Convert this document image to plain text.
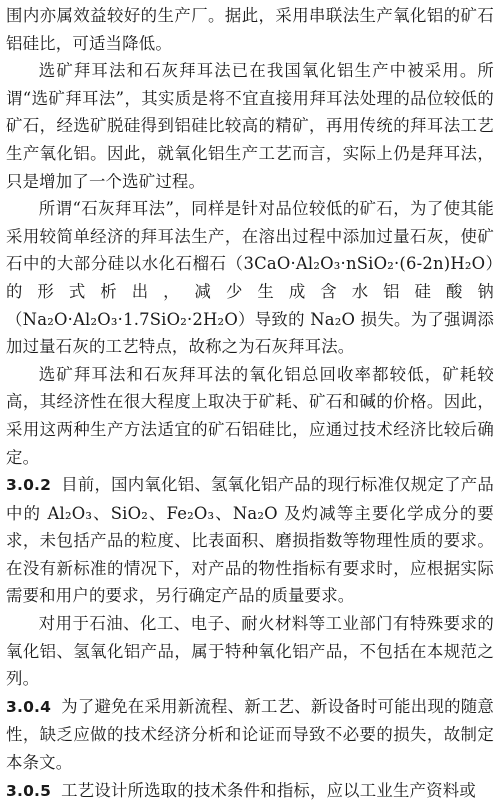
围内亦属效益较好的生产厂。据此，采用串联法生产氧化铝的矿石铝硅比，可适当降低。

选矿拜耳法和石灰拜耳法已在我国氧化铝生产中被采用。所谓“选矿拜耳法”，其实质是将不宜直接用拜耳法处理的品位较低的矿石，经选矿脱硅得到铝硅比较高的精矿，再用传统的拜耳法工艺生产氧化铝。因此，就氧化铝生产工艺而言，实际上仍是拜耳法，只是增加了一个选矿过程。

所谓“石灰拜耳法”，同样是针对品位较低的矿石，为了使其能采用较简单经济的拜耳法生产，在溶出过程中添加过量石灰，使矿石中的大部分硅以水化石榴石（3CaO·Al₂O₃·nSiO₂·(6-2n)H₂O）的形式析出，减少生成含水铝硅酸钠（Na₂O·Al₂O₃·1.7SiO₂·2H₂O）导致的 Na₂O 损失。为了强调添加过量石灰的工艺特点，故称之为石灰拜耳法。

选矿拜耳法和石灰拜耳法的氧化铝总回收率都较低，矿耗较高，其经济性在很大程度上取决于矿耗、矿石和碱的价格。因此，采用这两种生产方法适宜的矿石铝硅比，应通过技术经济比较后确定。

3.0.2 目前，国内氧化铝、氢氧化铝产品的现行标准仅规定了产品中的 Al₂O₃、SiO₂、Fe₂O₃、Na₂O 及灼减等主要化学成分的要求，未包括产品的粒度、比表面积、磨损指数等物理性质的要求。在没有新标准的情况下，对产品的物性指标有要求时，应根据实际需要和用户的要求，另行确定产品的质量要求。

对用于石油、化工、电子、耐火材料等工业部门有特殊要求的氧化铝、氢氧化铝产品，属于特种氧化铝产品，不包括在本规范之列。

3.0.4 为了避免在采用新流程、新工艺、新设备时可能出现的随意性，缺乏应做的技术经济分析和论证而导致不必要的损失，故制定本条文。

3.0.5 工艺设计所选取的技术条件和指标，应以工业生产资料或
